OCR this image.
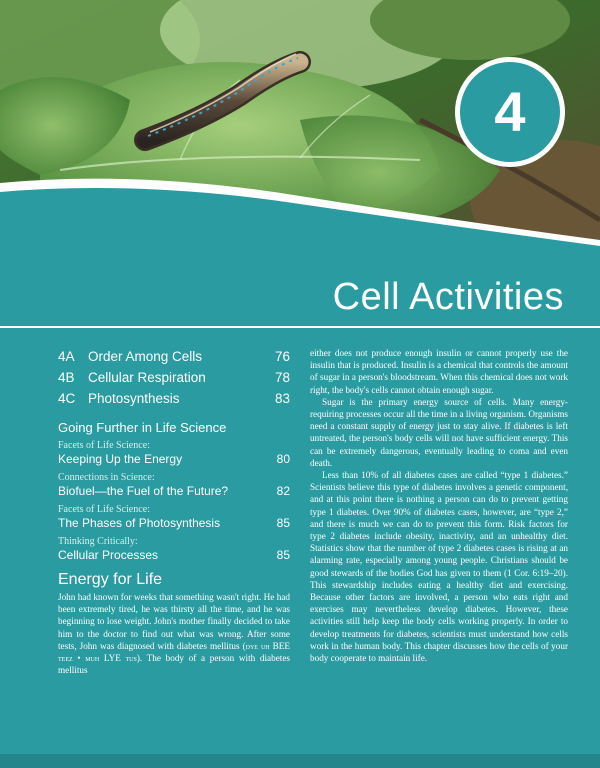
4
Cell Activities
4A Order Among Cells	76
4B Cellular Respiration	78
4C Photosynthesis	83
Going Further in Life Science
Facets of Life Science:
Keeping Up the Energy	80
Connections in Science:
Biofuel—the Fuel of the Future?	82
Facets of Life Science:
The Phases of Photosynthesis	85
Thinking Critically:
Cellular Processes	85
Energy for Life

John had known for weeks that something wasn't right. He had been extremely tired, he was thirsty all the time, and he was beginning to lose weight. John's mother finally decided to take him to the doctor to find out what was wrong. After some tests, John was diagnosed with diabetes mellitus (dye uh BEE teez • muh LYE tus). The body of a person with diabetes mellitus

either does not produce enough insulin or cannot properly use the insulin that is produced. Insulin is a chemical that controls the amount of sugar in a person's bloodstream. When this chemical does not work right, the body's cells cannot obtain enough sugar.

Sugar is the primary energy source of cells. Many energy-requiring processes occur all the time in a living organism. Organisms need a constant supply of energy just to stay alive. If diabetes is left untreated, the person's body cells will not have sufficient energy. This can be extremely dangerous, eventually leading to coma and even death.

Less than 10% of all diabetes cases are called “type 1 diabetes.” Scientists believe this type of diabetes involves a genetic component, and at this point there is nothing a person can do to prevent getting type 1 diabetes. Over 90% of diabetes cases, however, are “type 2,” and there is much we can do to prevent this form. Risk factors for type 2 diabetes include obesity, inactivity, and an unhealthy diet. Statistics show that the number of type 2 diabetes cases is rising at an alarming rate, especially among young people. Christians should be good stewards of the bodies God has given to them (1 Cor. 6:19–20). This stewardship includes eating a healthy diet and exercising. Because other factors are involved, a person who eats right and exercises may nevertheless develop diabetes. However, these activities still help keep the body cells working properly. In order to develop treatments for diabetes, scientists must understand how cells work in the human body. This chapter discusses how the cells of your body cooperate to maintain life.
